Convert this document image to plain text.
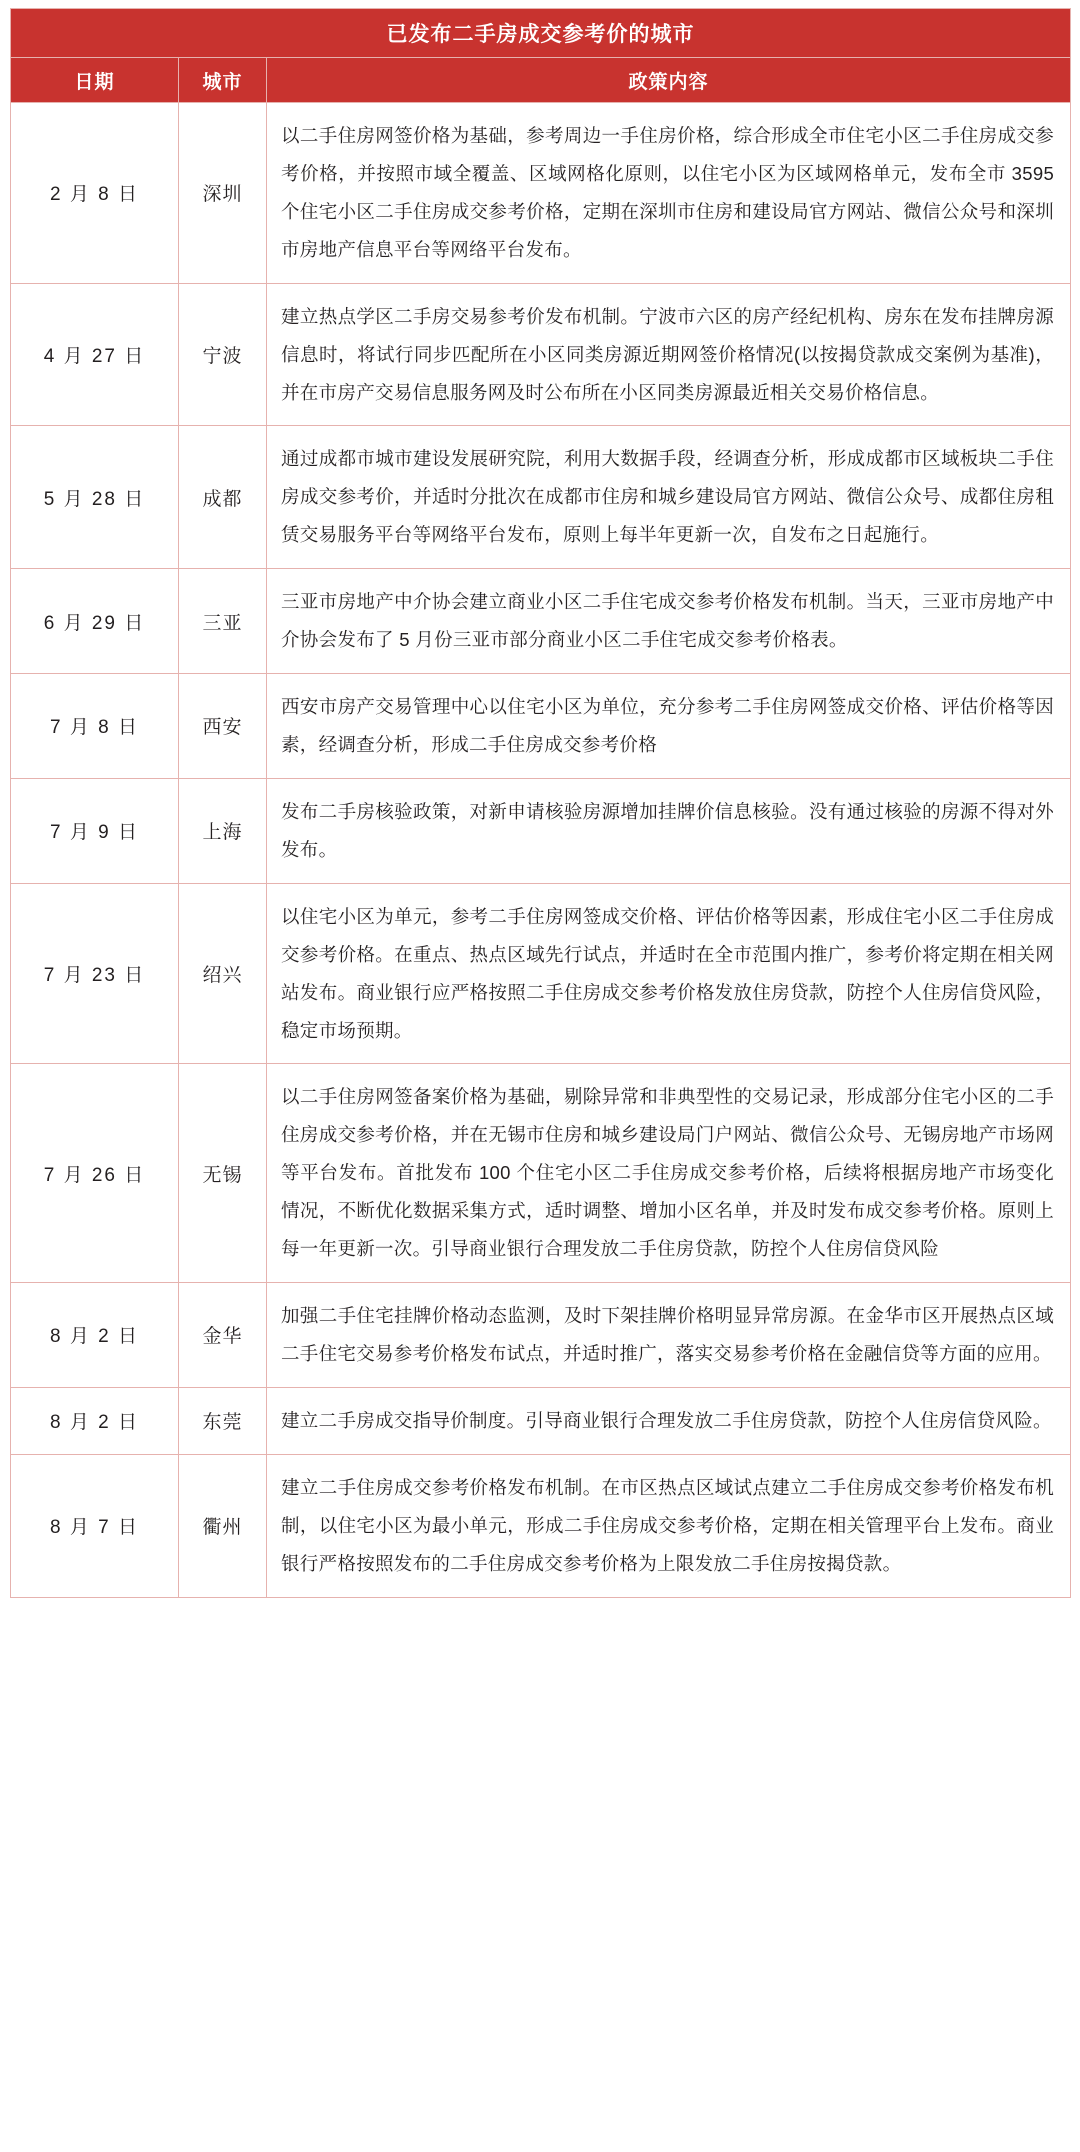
已发布二手房成交参考价的城市		
日期	城市	政策内容
2 月 8 日	深圳	以二手住房网签价格为基础，参考周边一手住房价格，综合形成全市住宅小区二手住房成交参考价格，并按照市域全覆盖、区域网格化原则，以住宅小区为区域网格单元，发布全市 3595 个住宅小区二手住房成交参考价格，定期在深圳市住房和建设局官方网站、微信公众号和深圳市房地产信息平台等网络平台发布。

4 月 27 日	宁波	建立热点学区二手房交易参考价发布机制。宁波市六区的房产经纪机构、房东在发布挂牌房源信息时，将试行同步匹配所在小区同类房源近期网签价格情况(以按揭贷款成交案例为基准)，并在市房产交易信息服务网及时公布所在小区同类房源最近相关交易价格信息。

5 月 28 日	成都	通过成都市城市建设发展研究院，利用大数据手段，经调查分析，形成成都市区域板块二手住房成交参考价，并适时分批次在成都市住房和城乡建设局官方网站、微信公众号、成都住房租赁交易服务平台等网络平台发布，原则上每半年更新一次，自发布之日起施行。

6 月 29 日	三亚	三亚市房地产中介协会建立商业小区二手住宅成交参考价格发布机制。当天，三亚市房地产中介协会发布了 5 月份三亚市部分商业小区二手住宅成交参考价格表。

7 月 8 日	西安	西安市房产交易管理中心以住宅小区为单位，充分参考二手住房网签成交价格、评估价格等因素，经调查分析，形成二手住房成交参考价格

7 月 9 日	上海	发布二手房核验政策，对新申请核验房源增加挂牌价信息核验。没有通过核验的房源不得对外发布。

7 月 23 日	绍兴	以住宅小区为单元，参考二手住房网签成交价格、评估价格等因素，形成住宅小区二手住房成交参考价格。在重点、热点区域先行试点，并适时在全市范围内推广，参考价将定期在相关网站发布。商业银行应严格按照二手住房成交参考价格发放住房贷款，防控个人住房信贷风险，稳定市场预期。

7 月 26 日	无锡	以二手住房网签备案价格为基础，剔除异常和非典型性的交易记录，形成部分住宅小区的二手住房成交参考价格，并在无锡市住房和城乡建设局门户网站、微信公众号、无锡房地产市场网等平台发布。首批发布 100 个住宅小区二手住房成交参考价格，后续将根据房地产市场变化情况，不断优化数据采集方式，适时调整、增加小区名单，并及时发布成交参考价格。原则上每一年更新一次。引导商业银行合理发放二手住房贷款，防控个人住房信贷风险

8 月 2 日	金华	加强二手住宅挂牌价格动态监测，及时下架挂牌价格明显异常房源。在金华市区开展热点区域二手住宅交易参考价格发布试点，并适时推广，落实交易参考价格在金融信贷等方面的应用。

8 月 2 日	东莞	建立二手房成交指导价制度。引导商业银行合理发放二手住房贷款，防控个人住房信贷风险。

8 月 7 日	衢州	建立二手住房成交参考价格发布机制。在市区热点区域试点建立二手住房成交参考价格发布机制，以住宅小区为最小单元，形成二手住房成交参考价格，定期在相关管理平台上发布。商业银行严格按照发布的二手住房成交参考价格为上限发放二手住房按揭贷款。
